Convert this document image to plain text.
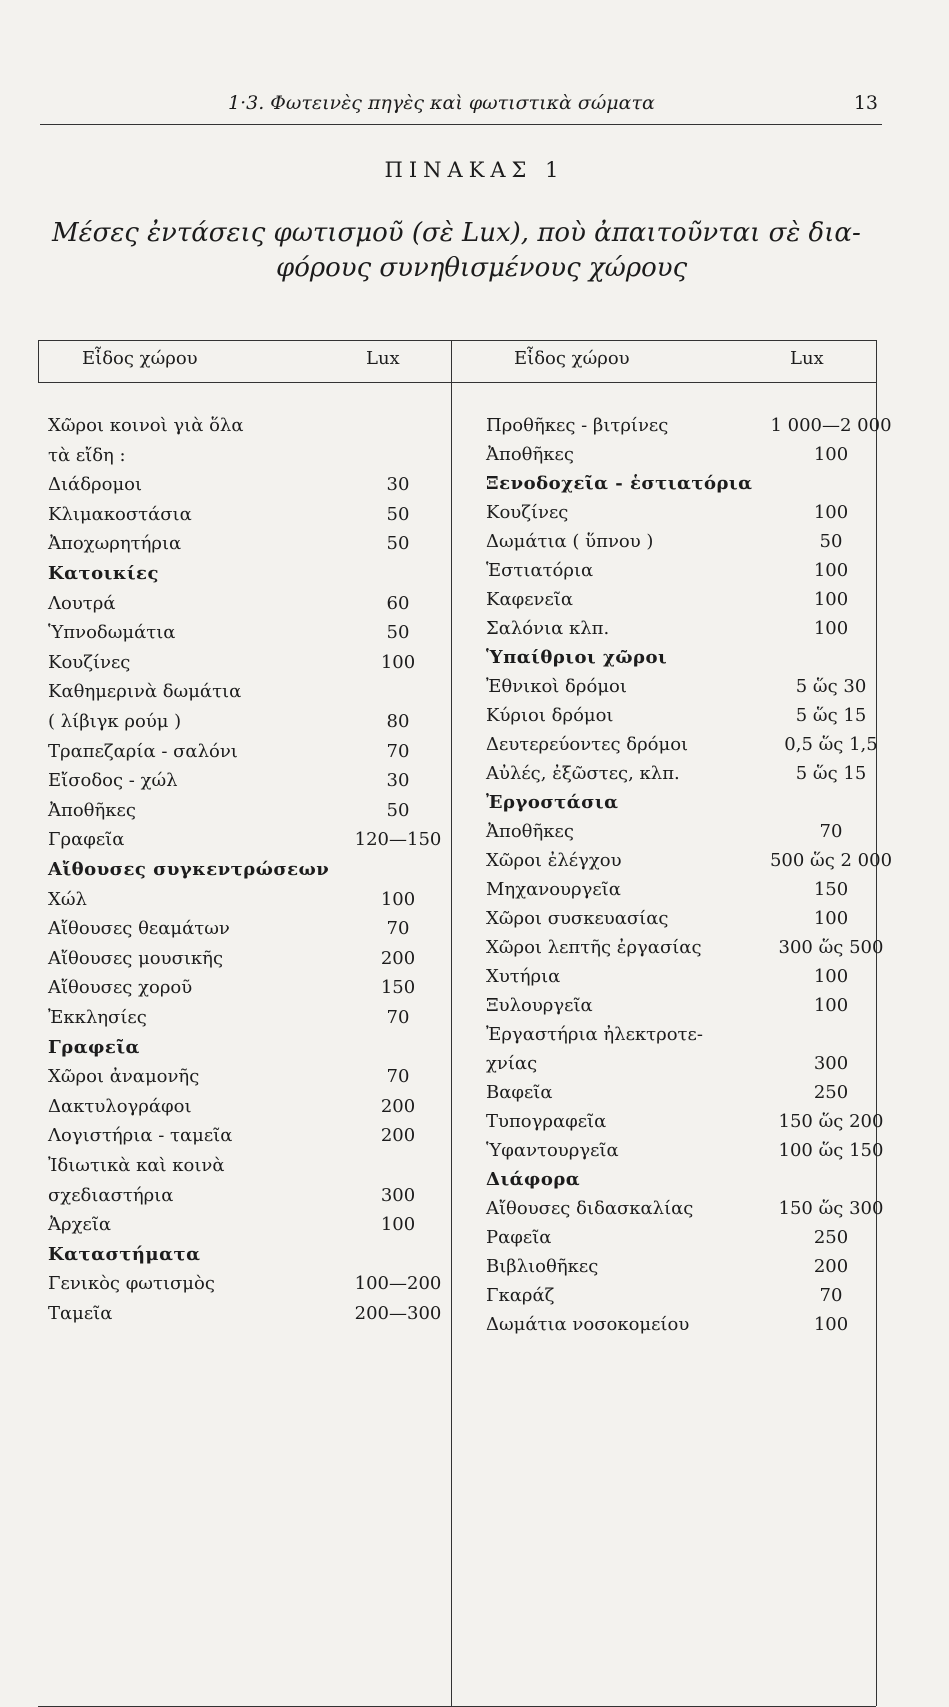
1·3. Φωτεινὲς πηγὲς καὶ φωτιστικὰ σώματα	13
ΠΙΝΑΚΑΣ 1
Μέσες ἐντάσεις φωτισμοῦ (σὲ Lux), ποὺ ἀπαιτοῦνται σὲ δια-
φόρους συνηθισμένους χώρους
Εἶδος χώρου	Lux	Εἶδος χώρου	Lux
Χῶροι κοινοὶ γιὰ ὅλα
τὰ εἴδη :
Διάδρομοι	30
Κλιμακοστάσια	50
Ἀποχωρητήρια	50
Κατοικίες
Λουτρά	60
Ὑπνοδωμάτια	50
Κουζίνες	100
Καθημερινὰ δωμάτια
( λίβιγκ ρούμ )	80
Τραπεζαρία - σαλόνι	70
Εἴσοδος - χώλ	30
Ἀποθῆκες	50
Γραφεῖα	120—150
Αἴθουσες συγκεντρώσεων
Χώλ	100
Αἴθουσες θεαμάτων	70
Αἴθουσες μουσικῆς	200
Αἴθουσες χοροῦ	150
Ἐκκλησίες	70
Γραφεῖα
Χῶροι ἀναμονῆς	70
Δακτυλογράφοι	200
Λογιστήρια - ταμεῖα	200
Ἰδιωτικὰ καὶ κοινὰ
σχεδιαστήρια	300
Ἀρχεῖα	100
Καταστήματα
Γενικὸς φωτισμὸς	100—200
Ταμεῖα	200—300
Προθῆκες - βιτρίνες	1 000—2 000
Ἀποθῆκες	100
Ξενοδοχεῖα - ἑστιατόρια
Κουζίνες	100
Δωμάτια ( ὕπνου )	50
Ἑστιατόρια	100
Καφενεῖα	100
Σαλόνια κλπ.	100
Ὑπαίθριοι χῶροι
Ἐθνικοὶ δρόμοι	5 ὥς 30
Κύριοι δρόμοι	5 ὥς 15
Δευτερεύοντες δρόμοι	0,5 ὥς 1,5
Αὐλές, ἐξῶστες, κλπ.	5 ὥς 15
Ἐργοστάσια
Ἀποθῆκες	70
Χῶροι ἐλέγχου	500 ὥς 2 000
Μηχανουργεῖα	150
Χῶροι συσκευασίας	100
Χῶροι λεπτῆς ἐργασίας	300 ὥς 500
Χυτήρια	100
Ξυλουργεῖα	100
Ἐργαστήρια ἠλεκτροτε-
χνίας	300
Βαφεῖα	250
Τυπογραφεῖα	150 ὥς 200
Ὑφαντουργεῖα	100 ὥς 150
Διάφορα
Αἴθουσες διδασκαλίας	150 ὥς 300
Ραφεῖα	250
Βιβλιοθῆκες	200
Γκαράζ	70
Δωμάτια νοσοκομείου	100
